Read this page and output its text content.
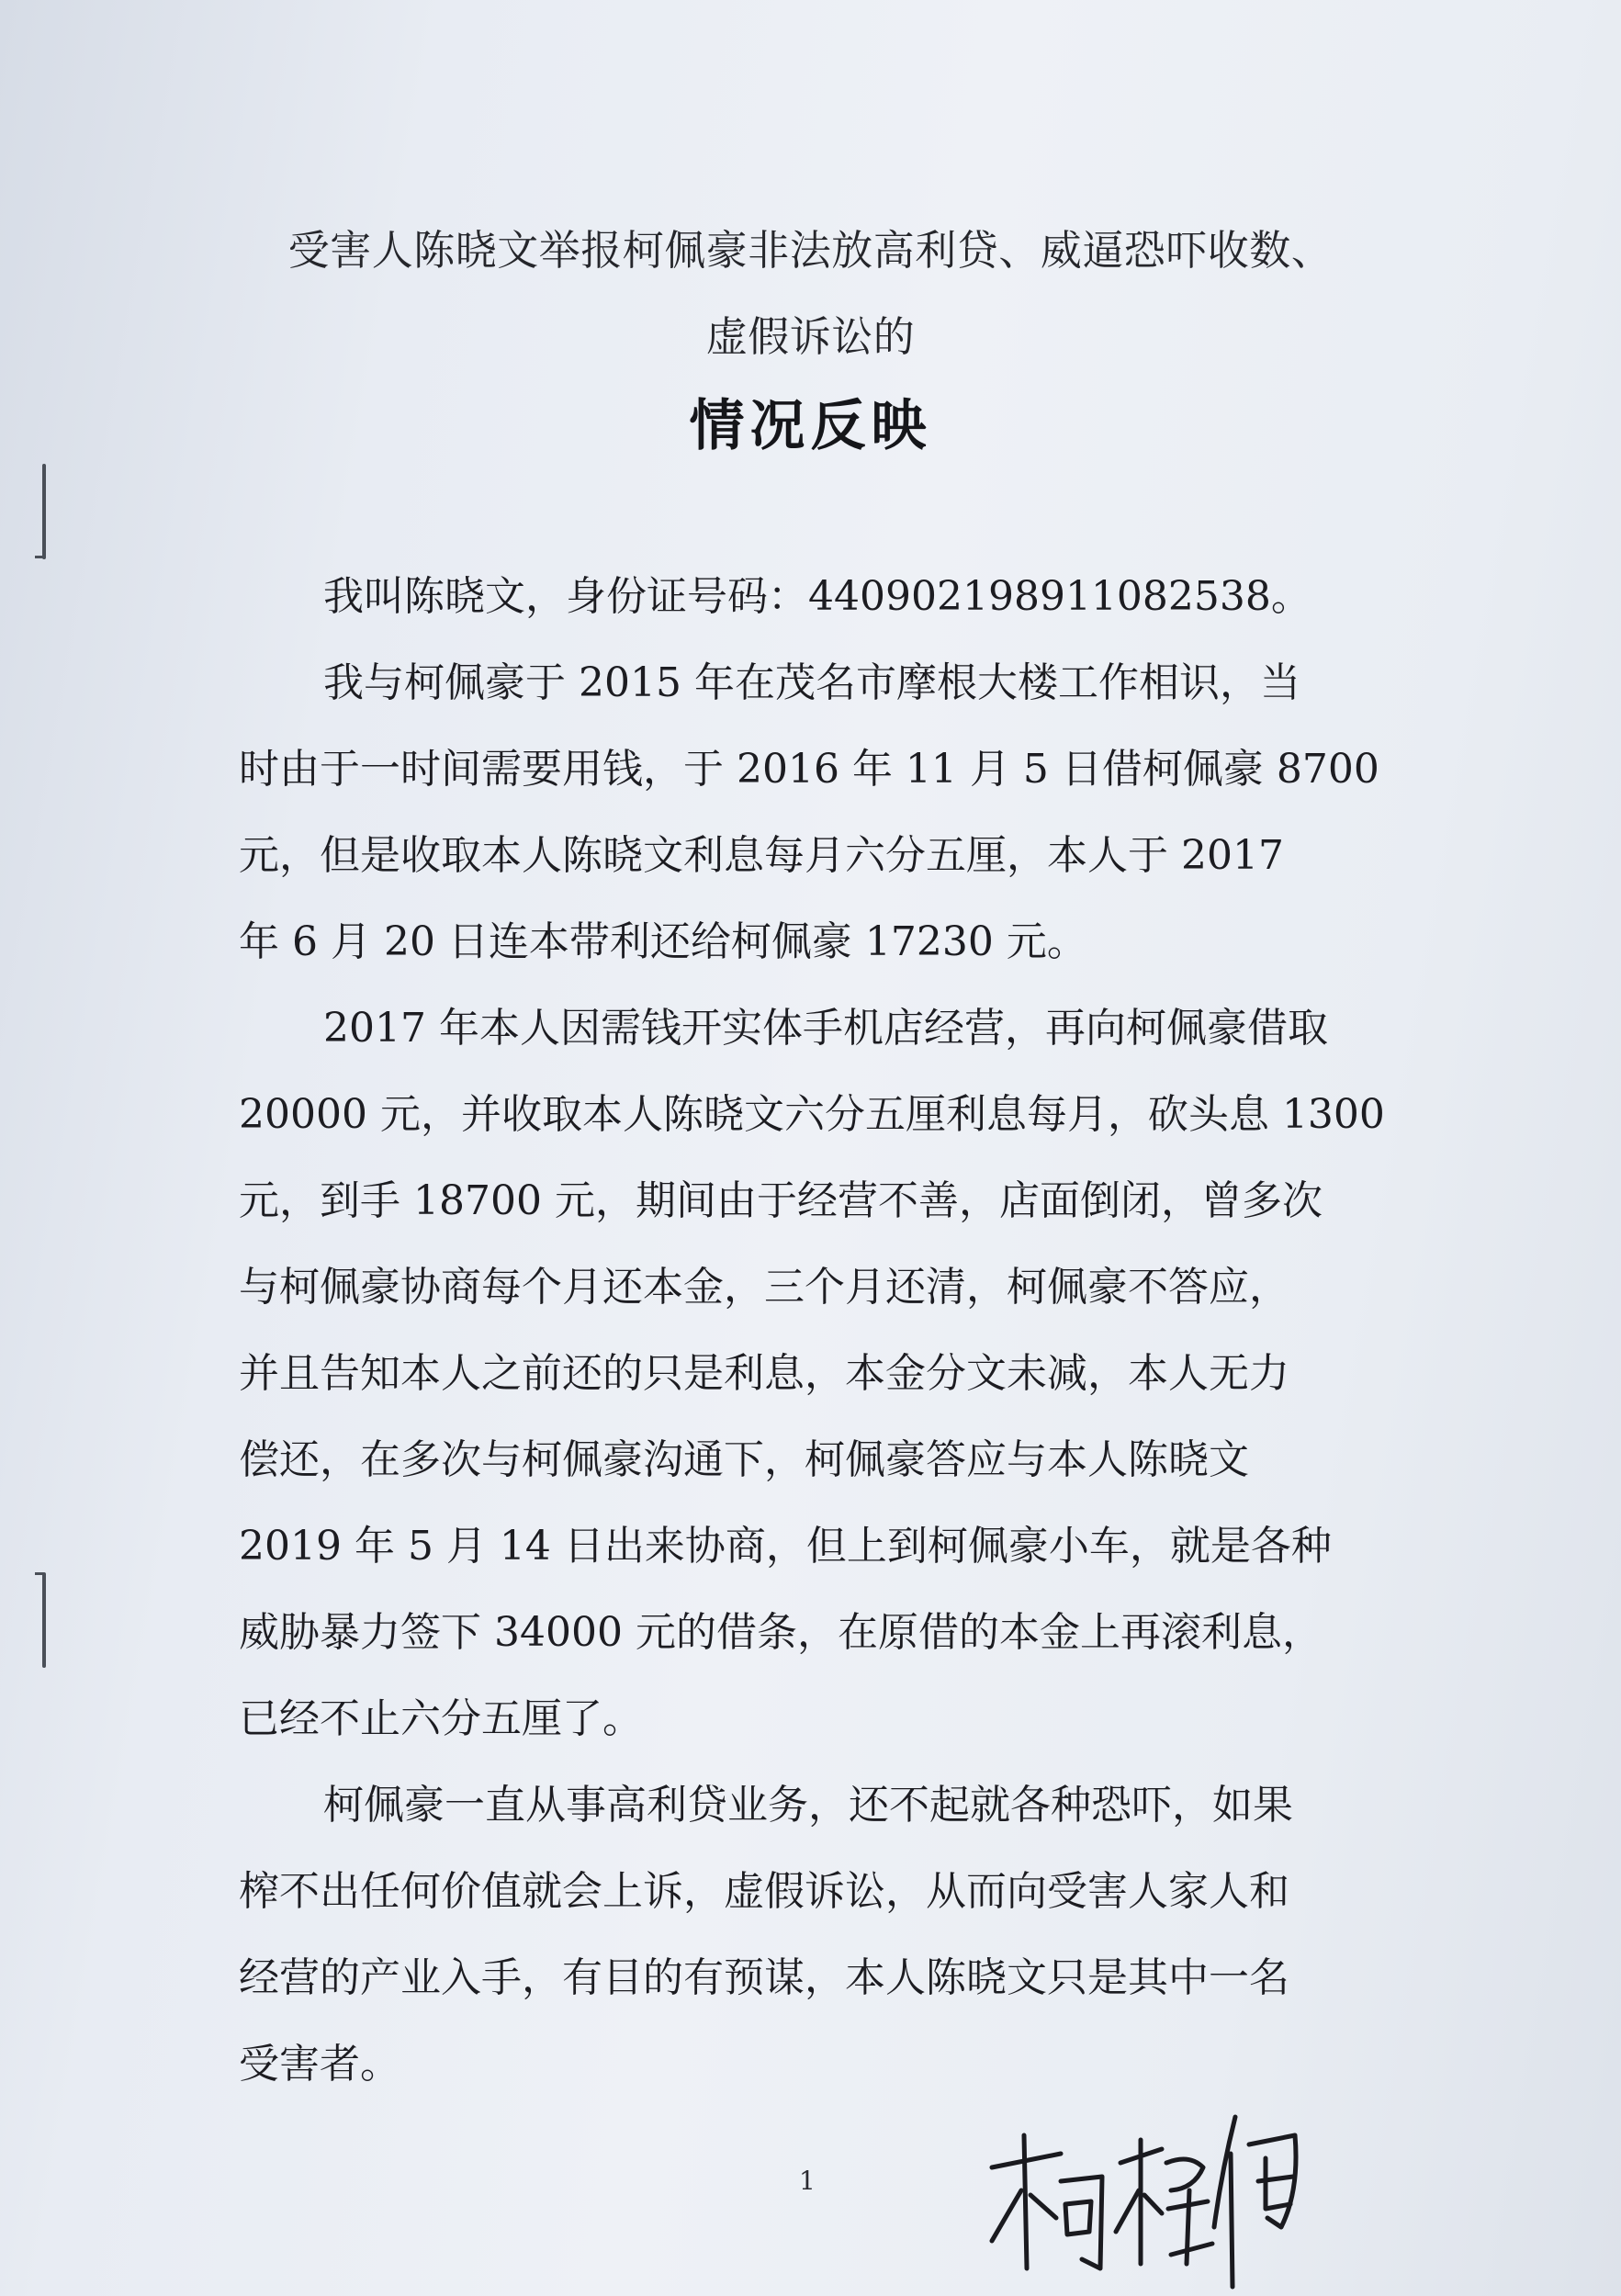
受害人陈晓文举报柯佩豪非法放高利贷、威逼恐吓收数、
虚假诉讼的
情况反映
我叫陈晓文，身份证号码：440902198911082538。
我与柯佩豪于 2015 年在茂名市摩根大楼工作相识，当
时由于一时间需要用钱，于 2016 年 11 月 5 日借柯佩豪 8700
元，但是收取本人陈晓文利息每月六分五厘，本人于 2017
年 6 月 20 日连本带利还给柯佩豪 17230 元。
2017 年本人因需钱开实体手机店经营，再向柯佩豪借取
20000 元，并收取本人陈晓文六分五厘利息每月，砍头息 1300
元，到手 18700 元，期间由于经营不善，店面倒闭，曾多次
与柯佩豪协商每个月还本金，三个月还清，柯佩豪不答应，
并且告知本人之前还的只是利息，本金分文未减，本人无力
偿还，在多次与柯佩豪沟通下，柯佩豪答应与本人陈晓文
2019 年 5 月 14 日出来协商，但上到柯佩豪小车，就是各种
威胁暴力签下 34000 元的借条，在原借的本金上再滚利息，
已经不止六分五厘了。
柯佩豪一直从事高利贷业务，还不起就各种恐吓，如果
榨不出任何价值就会上诉，虚假诉讼，从而向受害人家人和
经营的产业入手，有目的有预谋，本人陈晓文只是其中一名
受害者。
1
